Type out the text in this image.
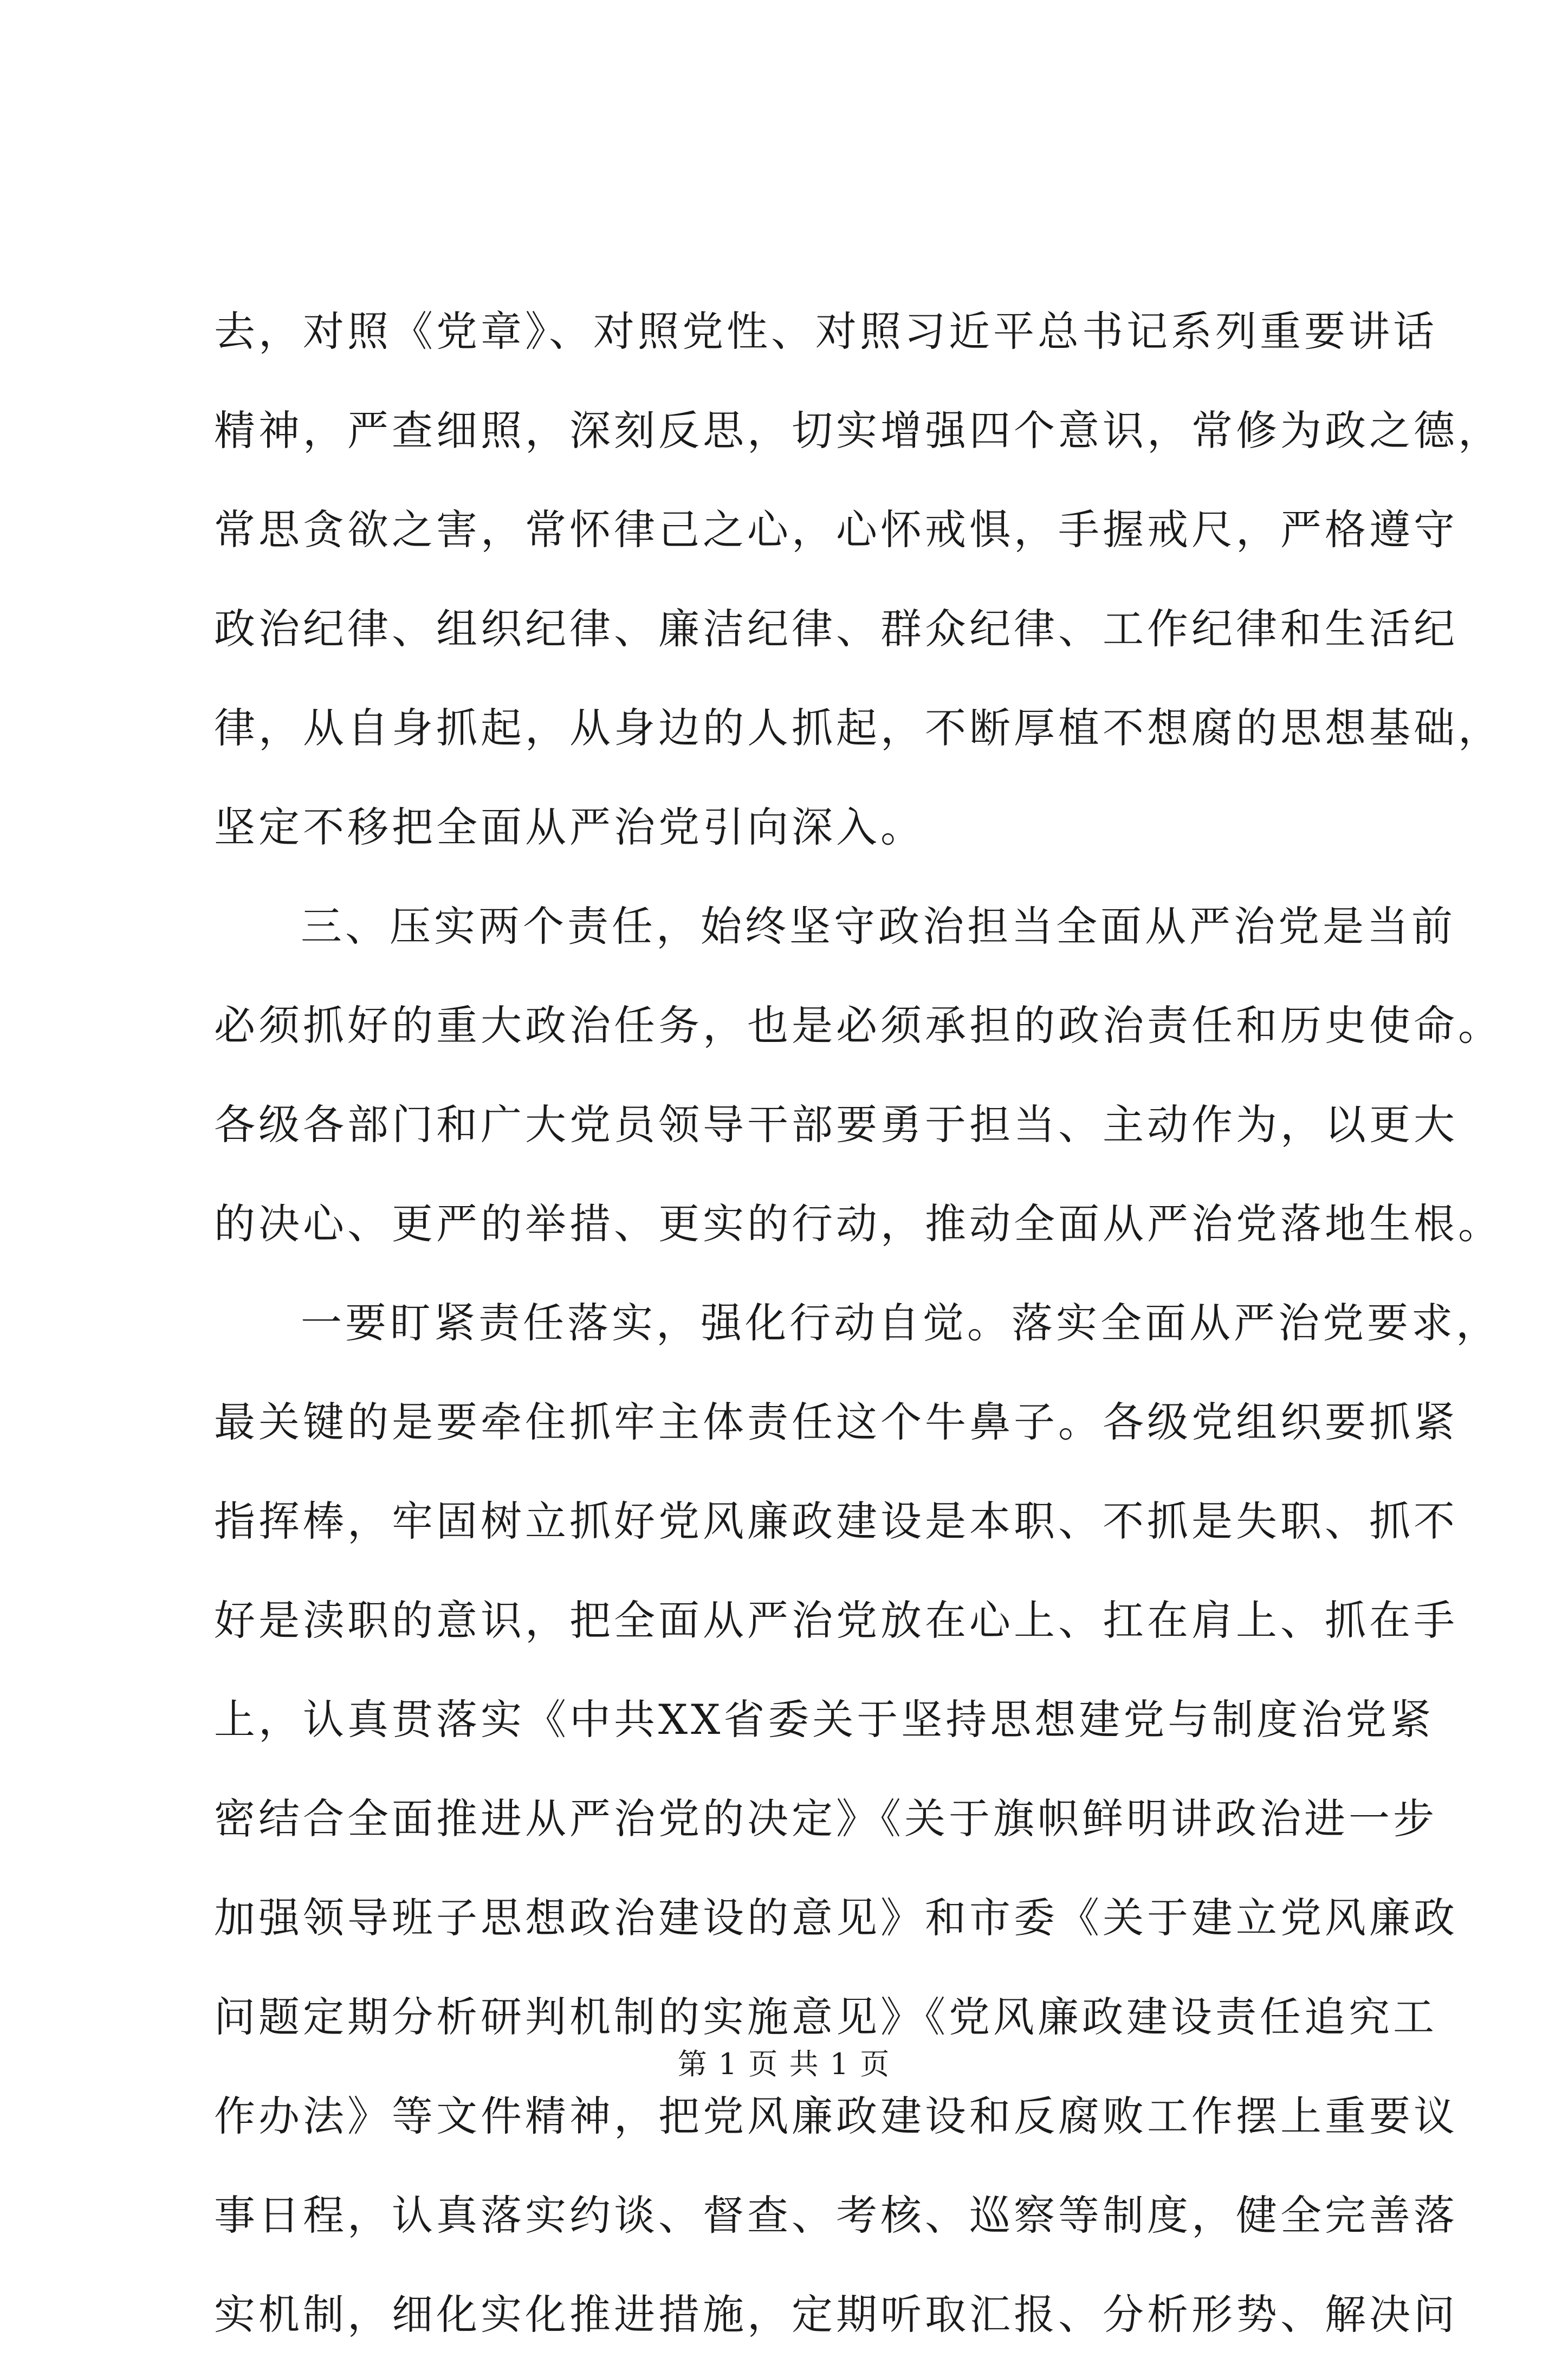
去，对照《党章》、对照党性、对照习近平总书记系列重要讲话
精神，严查细照，深刻反思，切实增强四个意识，常修为政之德，
常思贪欲之害，常怀律己之心，心怀戒惧，手握戒尺，严格遵守
政治纪律、组织纪律、廉洁纪律、群众纪律、工作纪律和生活纪
律，从自身抓起，从身边的人抓起，不断厚植不想腐的思想基础，
坚定不移把全面从严治党引向深入。
三、压实两个责任，始终坚守政治担当全面从严治党是当前
必须抓好的重大政治任务，也是必须承担的政治责任和历史使命。
各级各部门和广大党员领导干部要勇于担当、主动作为，以更大
的决心、更严的举措、更实的行动，推动全面从严治党落地生根。
一要盯紧责任落实，强化行动自觉。落实全面从严治党要求，
最关键的是要牵住抓牢主体责任这个牛鼻子。各级党组织要抓紧
指挥棒，牢固树立抓好党风廉政建设是本职、不抓是失职、抓不
好是渎职的意识，把全面从严治党放在心上、扛在肩上、抓在手
上，认真贯落实《中共XX省委关于坚持思想建党与制度治党紧
密结合全面推进从严治党的决定》《关于旗帜鲜明讲政治进一步
加强领导班子思想政治建设的意见》和市委《关于建立党风廉政
问题定期分析研判机制的实施意见》《党风廉政建设责任追究工
作办法》等文件精神，把党风廉政建设和反腐败工作摆上重要议
事日程，认真落实约谈、督查、考核、巡察等制度，健全完善落
实机制，细化实化推进措施，定期听取汇报、分析形势、解决问
第 1 页 共 1 页
